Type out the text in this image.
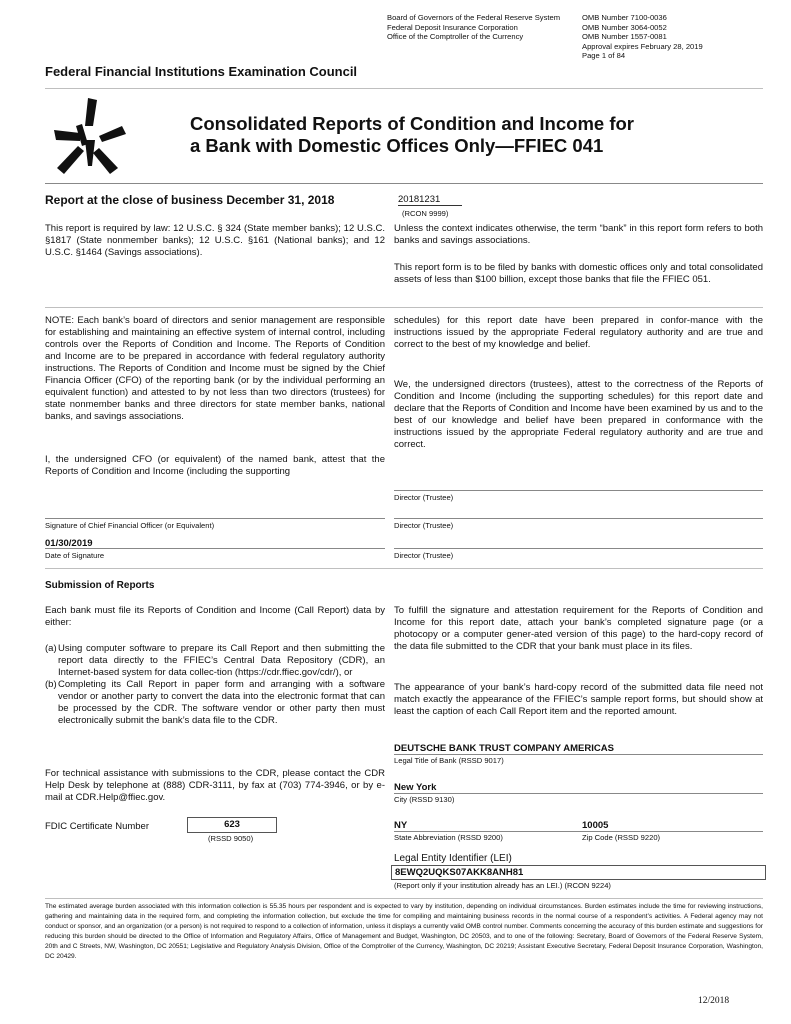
Board of Governors of the Federal Reserve System
Federal Deposit Insurance Corporation
Office of the Comptroller of the Currency
OMB Number 7100-0036
OMB Number 3064-0052
OMB Number 1557-0081
Approval expires February 28, 2019
Page 1 of 84
Federal Financial Institutions Examination Council
Consolidated Reports of Condition and Income for
a Bank with Domestic Offices Only—FFIEC 041
Report at the close of business December 31, 2018	20181231
(RCON 9999)
This report is required by law: 12 U.S.C. § 324 (State member banks); 12 U.S.C. §1817 (State nonmember banks); 12 U.S.C. §161 (National banks); and 12 U.S.C. §1464 (Savings associations).
Unless the context indicates otherwise, the term “bank” in this report form refers to both banks and savings associations.
This report form is to be filed by banks with domestic offices only and total consolidated assets of less than $100 billion, except those banks that file the FFIEC 051.
NOTE: Each bank’s board of directors and senior management are responsible for establishing and maintaining an effective system of internal control, including controls over the Reports of Condition and Income. The Reports of Condition and Income are to be prepared in accordance with federal regulatory authority instructions. The Reports of Condition and Income must be signed by the Chief Financia Officer (CFO) of the reporting bank (or by the individual performing an equivalent function) and attested to by not less than two directors (trustees) for state nonmember banks and three directors for state member banks, national banks, and savings associations.
I, the undersigned CFO (or equivalent) of the named bank, attest that the Reports of Condition and Income (including the supporting
schedules) for this report date have been prepared in confor-mance with the instructions issued by the appropriate Federal regulatory authority and are true and correct to the best of my knowledge and belief.
We, the undersigned directors (trustees), attest to the correctness of the Reports of Condition and Income (including the supporting schedules) for this report date and declare that the Reports of Condition and Income have been examined by us and to the best of our knowledge and belief have been prepared in conformance with the instructions issued by the appropriate Federal regulatory authority and are true and correct.
Director (Trustee)
Signature of Chief Financial Officer (or Equivalent)	Director (Trustee)
01/30/2019
Date of Signature	Director (Trustee)
Submission of Reports
Each bank must file its Reports of Condition and Income (Call Report) data by either:
(a) Using computer software to prepare its Call Report and then submitting the report data directly to the FFIEC’s Central Data Repository (CDR), an Internet-based system for data collec-tion (https://cdr.ffiec.gov/cdr/), or
(b) Completing its Call Report in paper form and arranging with a software vendor or another party to convert the data into the electronic format that can be processed by the CDR. The software vendor or other party then must electronically submit the bank’s data file to the CDR.
For technical assistance with submissions to the CDR, please contact the CDR Help Desk by telephone at (888) CDR-3111, by fax at (703) 774-3946, or by e-mail at CDR.Help@ffiec.gov.
FDIC Certificate Number	623
(RSSD 9050)
To fulfill the signature and attestation requirement for the Reports of Condition and Income for this report date, attach your bank’s completed signature page (or a photocopy or a computer gener-ated version of this page) to the hard-copy record of the data file submitted to the CDR that your bank must place in its files.
The appearance of your bank’s hard-copy record of the submitted data file need not match exactly the appearance of the FFIEC’s sample report forms, but should show at least the caption of each Call Report item and the reported amount.
DEUTSCHE BANK TRUST COMPANY AMERICAS
Legal Title of Bank (RSSD 9017)
New York
City (RSSD 9130)
NY	10005
State Abbreviation (RSSD 9200)	Zip Code (RSSD 9220)
Legal Entity Identifier (LEI)
8EWQ2UQKS07AKK8ANH81
(Report only if your institution already has an LEI.) (RCON 9224)
The estimated average burden associated with this information collection is 55.35 hours per respondent and is expected to vary by institution, depending on individual circumstances. Burden estimates include the time for reviewing instructions, gathering and maintaining data in the required form, and completing the information collection, but exclude the time for compiling and maintaining business records in the normal course of a respondent’s activities. A Federal agency may not conduct or sponsor, and an organization (or a person) is not required to respond to a collection of information, unless it displays a currently valid OMB control number. Comments concerning the accuracy of this burden estimate and suggestions for reducing this burden should be directed to the Office of Information and Regulatory Affairs, Office of Management and Budget, Washington, DC 20503, and to one of the following: Secretary, Board of Governors of the Federal Reserve System, 20th and C Streets, NW, Washington, DC 20551; Legislative and Regulatory Analysis Division, Office of the Comptroller of the Currency, Washington, DC 20219; Assistant Executive Secretary, Federal Deposit Insurance Corporation, Washington, DC 20429.
12/2018
